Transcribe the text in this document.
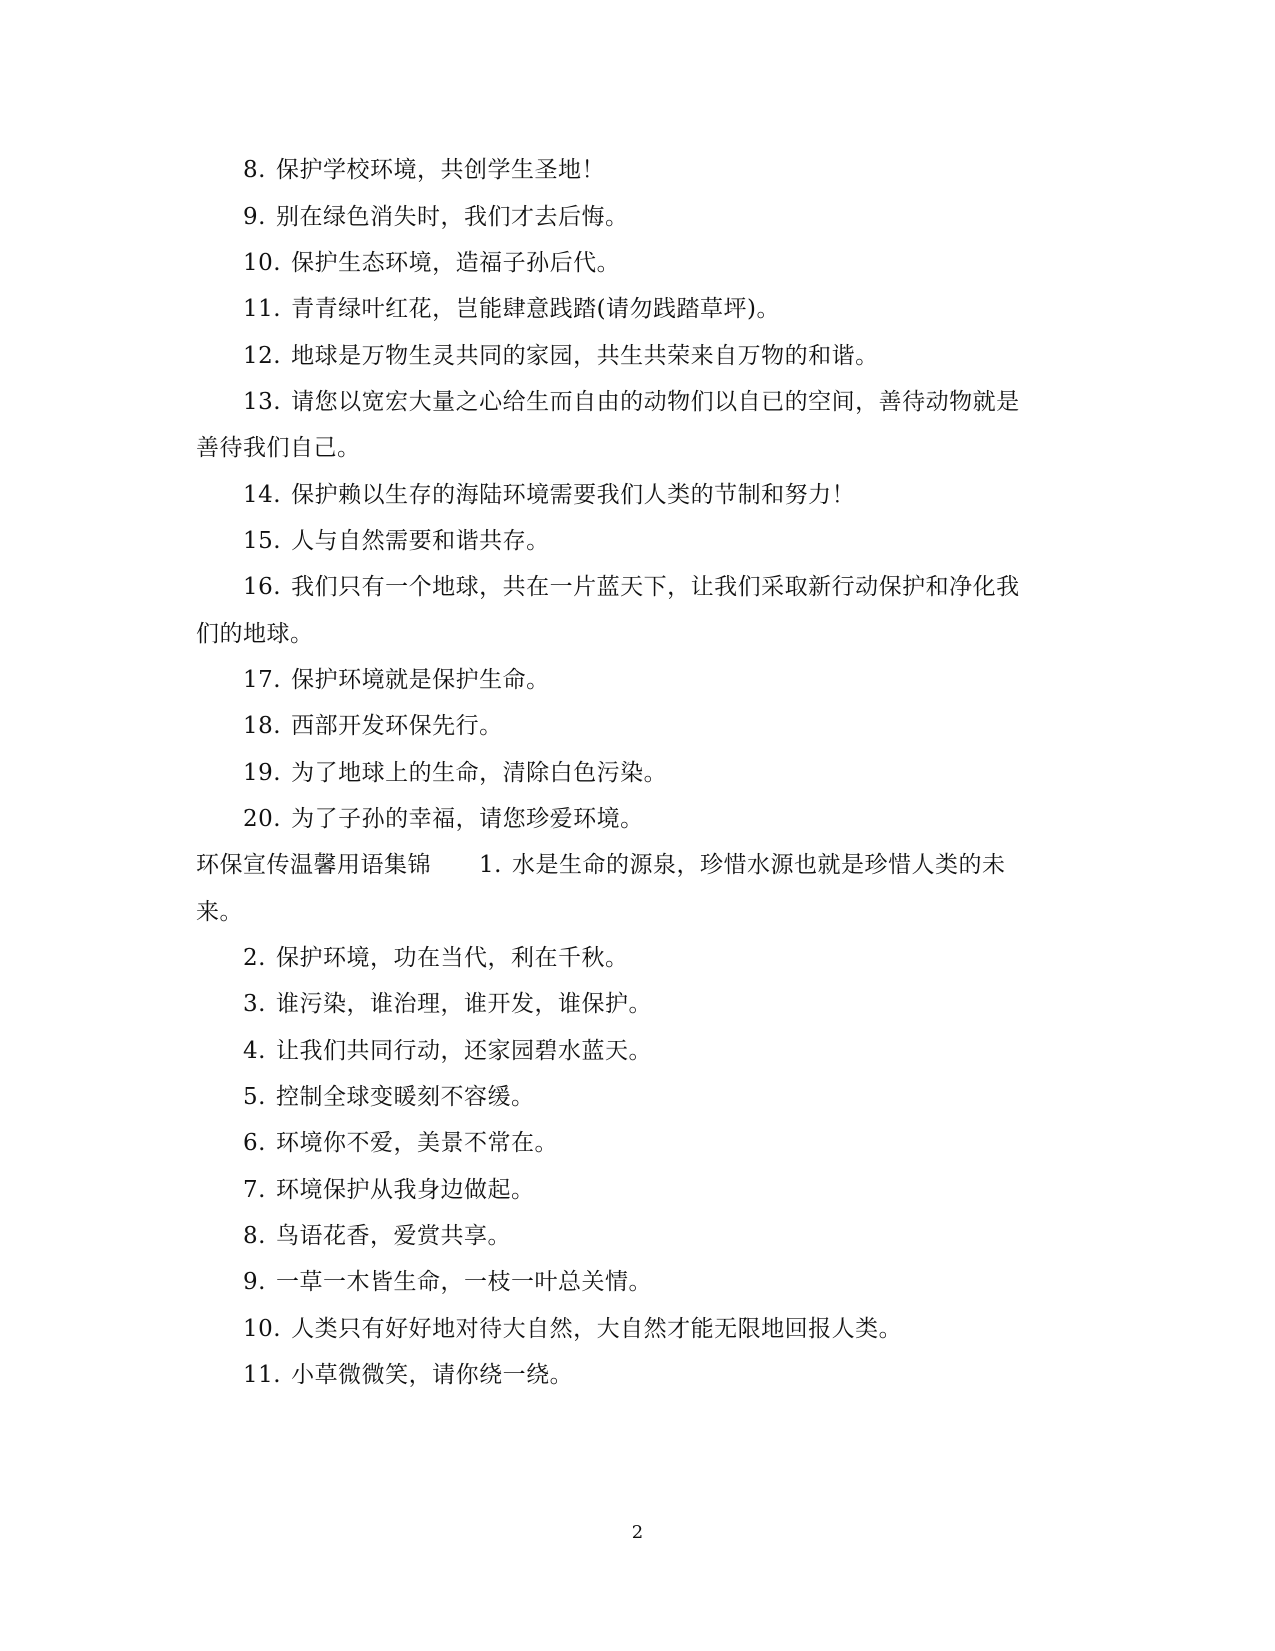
8. 保护学校环境，共创学生圣地！
9. 别在绿色消失时，我们才去后悔。
10. 保护生态环境，造福子孙后代。
11. 青青绿叶红花，岂能肆意践踏(请勿践踏草坪)。
12. 地球是万物生灵共同的家园，共生共荣来自万物的和谐。
13. 请您以宽宏大量之心给生而自由的动物们以自已的空间，善待动物就是
善待我们自己。
14. 保护赖以生存的海陆环境需要我们人类的节制和努力！
15. 人与自然需要和谐共存。
16. 我们只有一个地球，共在一片蓝天下，让我们采取新行动保护和净化我
们的地球。
17. 保护环境就是保护生命。
18. 西部开发环保先行。
19. 为了地球上的生命，清除白色污染。
20. 为了子孙的幸福，请您珍爱环境。
环保宣传温馨用语集锦 1. 水是生命的源泉，珍惜水源也就是珍惜人类的未
来。
2. 保护环境，功在当代，利在千秋。
3. 谁污染，谁治理，谁开发，谁保护。
4. 让我们共同行动，还家园碧水蓝天。
5. 控制全球变暖刻不容缓。
6. 环境你不爱，美景不常在。
7. 环境保护从我身边做起。
8. 鸟语花香，爱赏共享。
9. 一草一木皆生命，一枝一叶总关情。
10. 人类只有好好地对待大自然，大自然才能无限地回报人类。
11. 小草微微笑，请你绕一绕。
2
